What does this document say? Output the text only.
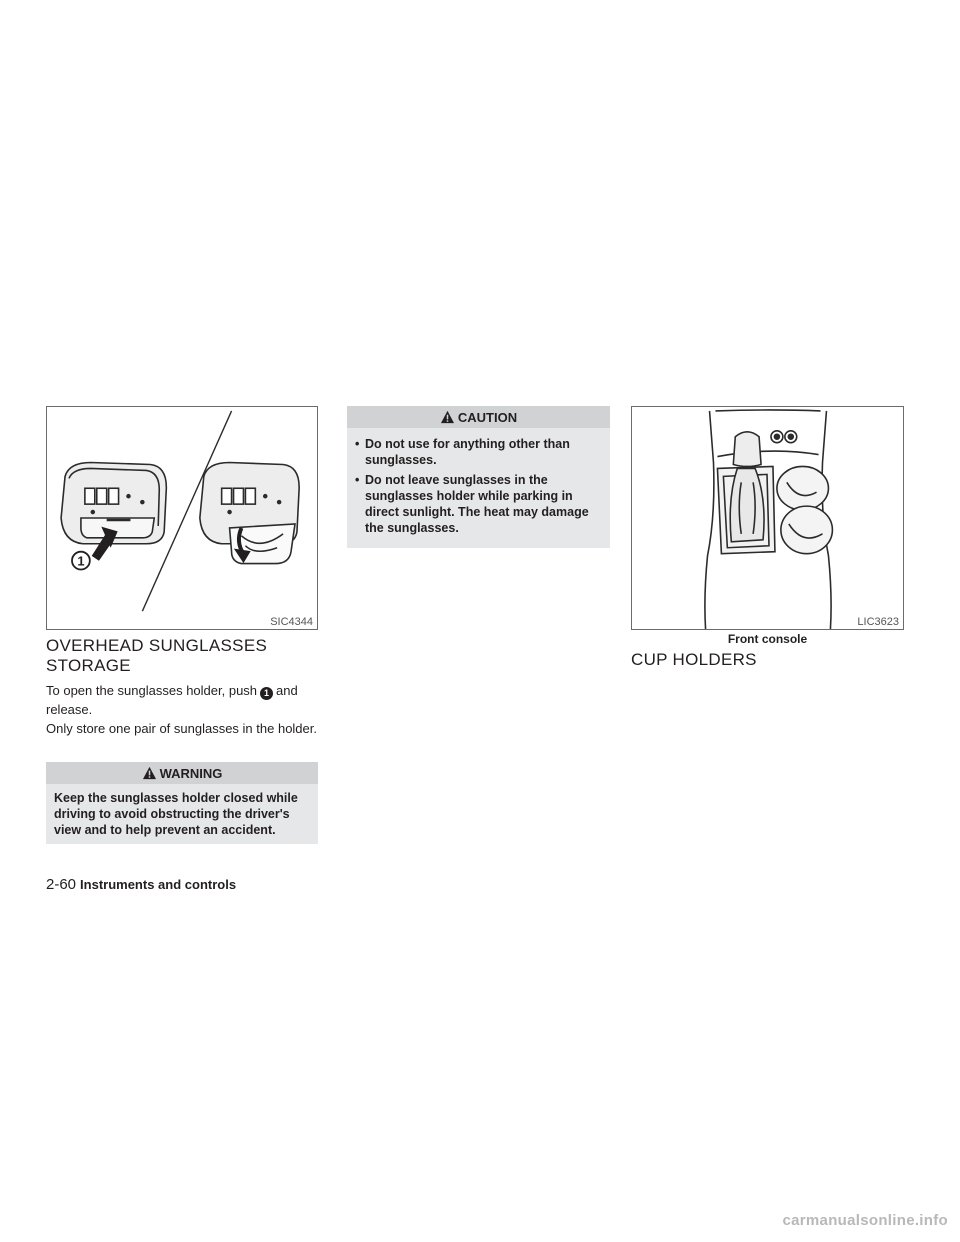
1
SIC4344
OVERHEAD SUNGLASSES
STORAGE
To open the sunglasses holder, push 1 and release.
Only store one pair of sunglasses in the holder.
WARNING
Keep the sunglasses holder closed while driving to avoid obstructing the driver's view and to help prevent an accident.
CAUTION
• Do not use for anything other than sunglasses.
• Do not leave sunglasses in the sunglasses holder while parking in direct sunlight. The heat may damage the sunglasses.
LIC3623
Front console
CUP HOLDERS
2-60 Instruments and controls
carmanualsonline.info
